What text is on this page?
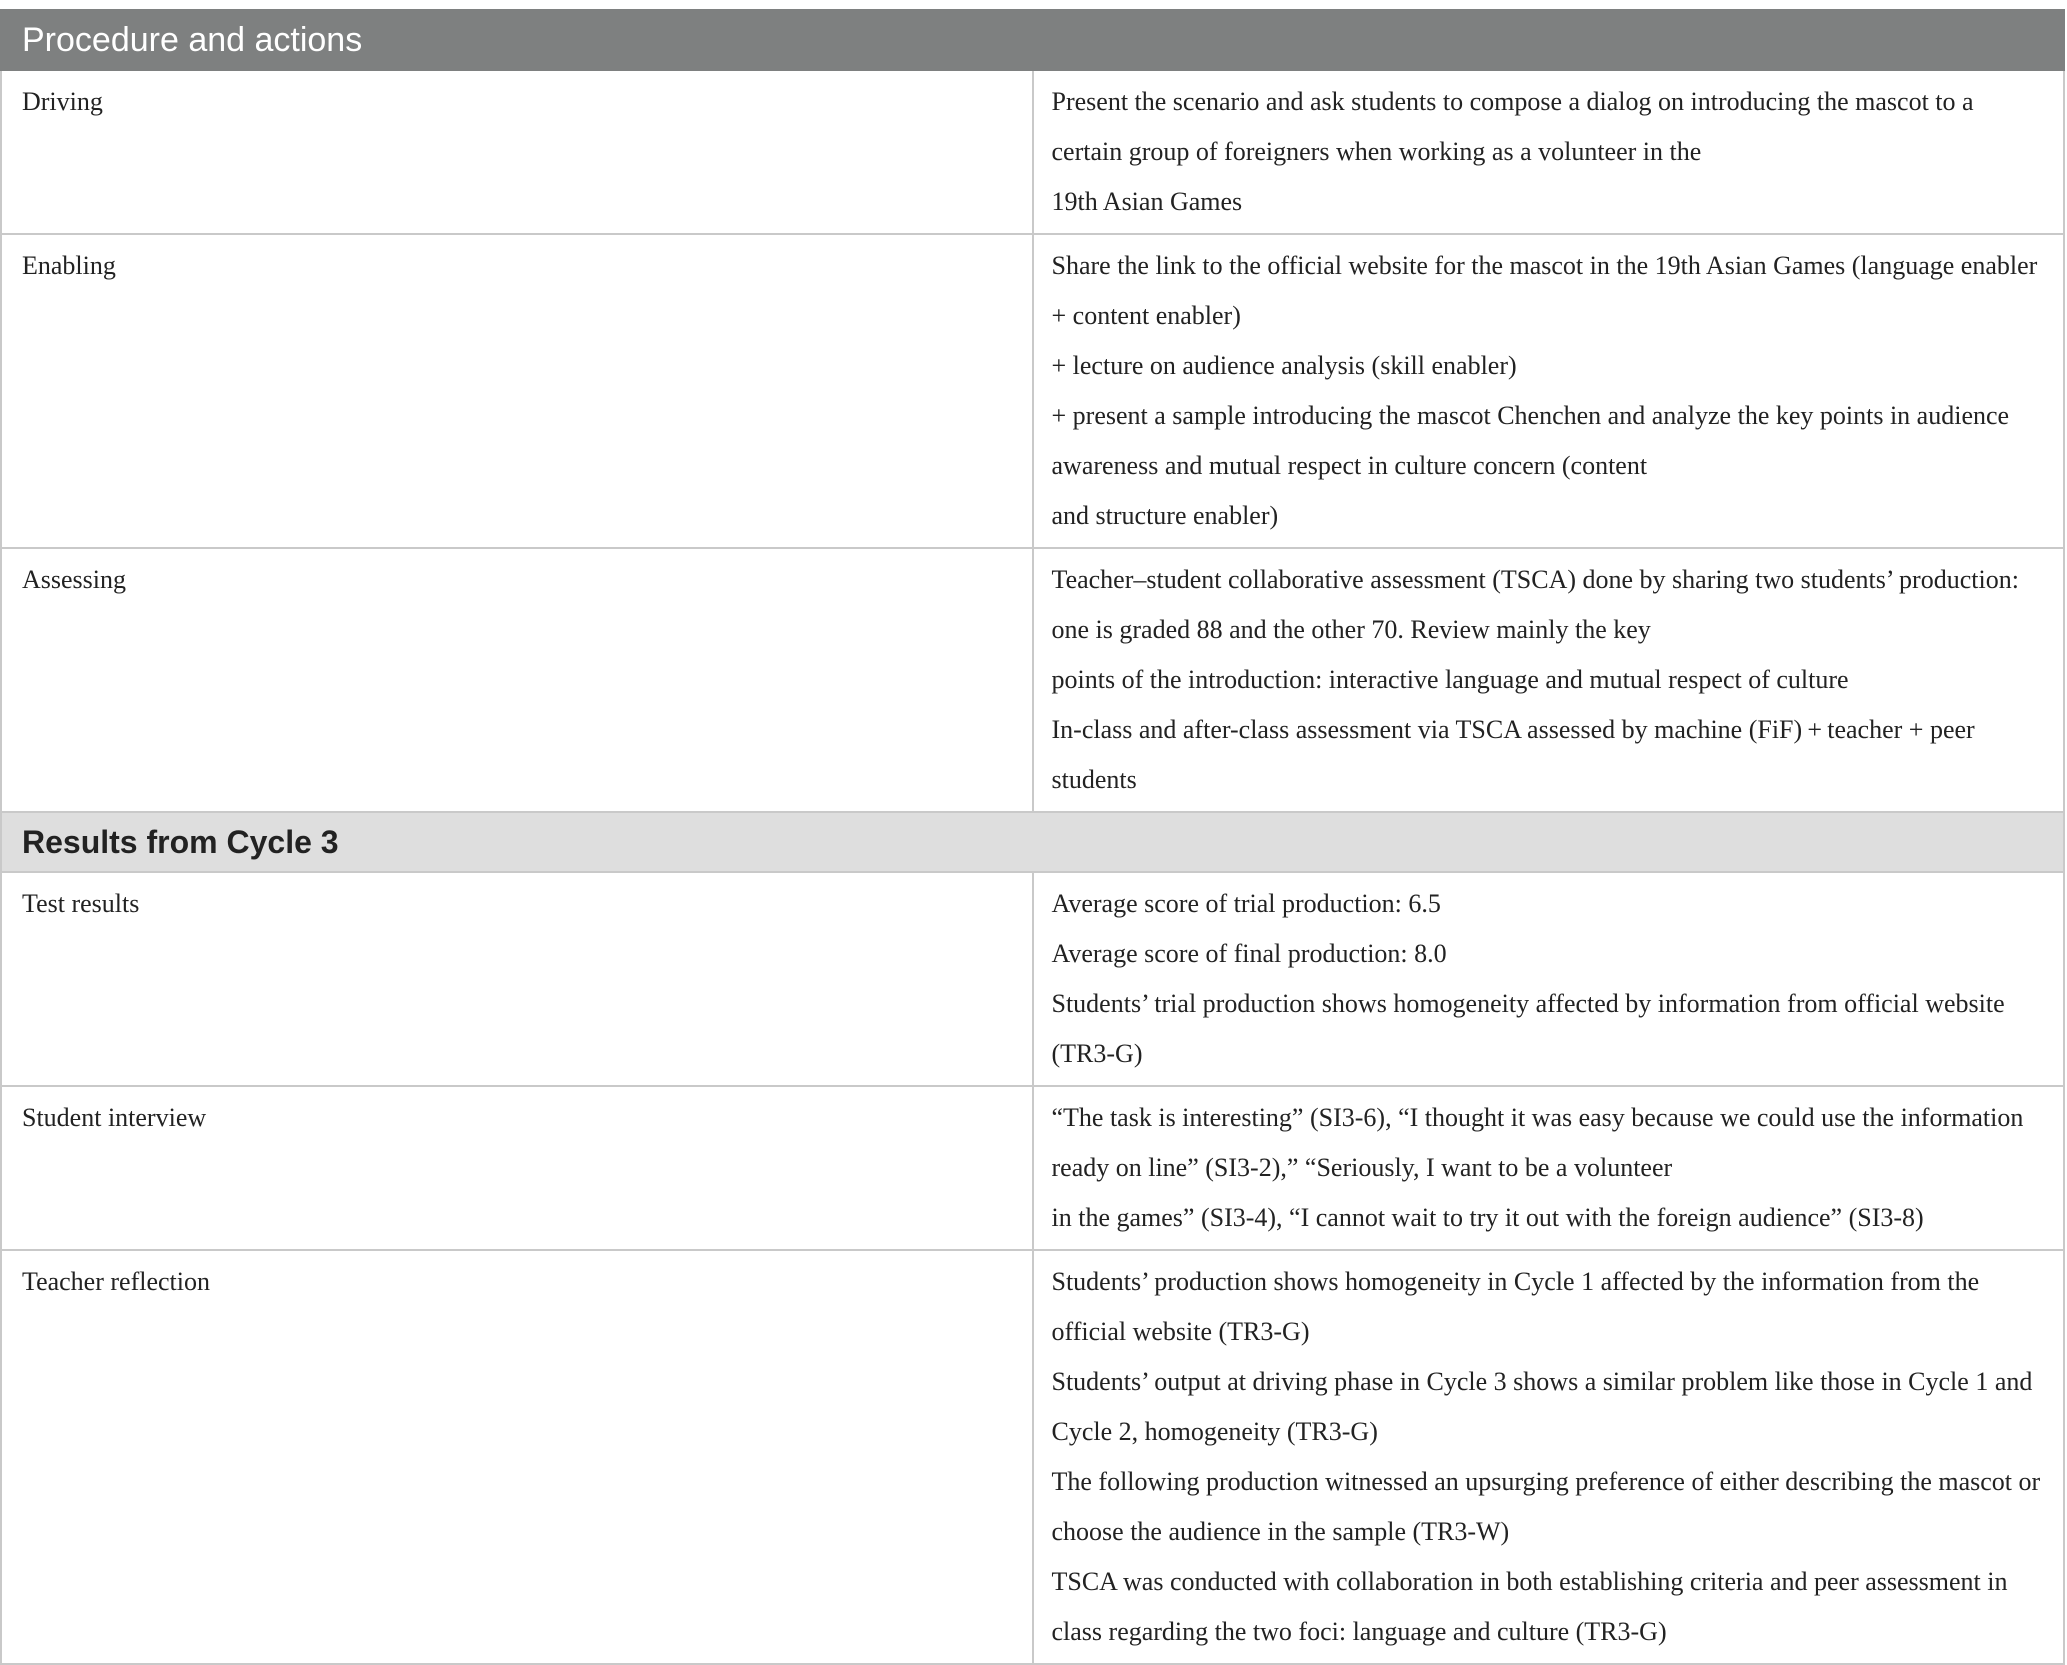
Procedure and actions	
Driving	Present the scenario and ask students to compose a dialog on introducing the mascot to a certain group of foreigners when working as a volunteer in the
19th Asian Games

Enabling	Share the link to the official website for the mascot in the 19th Asian Games (language enabler + content enabler)
+ lecture on audience analysis (skill enabler)
+ present a sample introducing the mascot Chenchen and analyze the key points in audience awareness and mutual respect in culture concern (content
and structure enabler)

Assessing	Teacher–student collaborative assessment (TSCA) done by sharing two students’ production: one is graded 88 and the other 70. Review mainly the key
points of the introduction: interactive language and mutual respect of culture
In-class and after-class assessment via TSCA assessed by machine (FiF) + teacher + peer students

Results from Cycle 3	
Test results	Average score of trial production: 6.5
Average score of final production: 8.0
Students’ trial production shows homogeneity affected by information from official website (TR3-G)

Student interview	“The task is interesting” (SI3-6), “I thought it was easy because we could use the information ready on line” (SI3-2),” “Seriously, I want to be a volunteer
in the games” (SI3-4), “I cannot wait to try it out with the foreign audience” (SI3-8)

Teacher reflection	Students’ production shows homogeneity in Cycle 1 affected by the information from the official website (TR3-G)
Students’ output at driving phase in Cycle 3 shows a similar problem like those in Cycle 1 and Cycle 2, homogeneity (TR3-G)
The following production witnessed an upsurging preference of either describing the mascot or choose the audience in the sample (TR3-W)
TSCA was conducted with collaboration in both establishing criteria and peer assessment in class regarding the two foci: language and culture (TR3-G)
